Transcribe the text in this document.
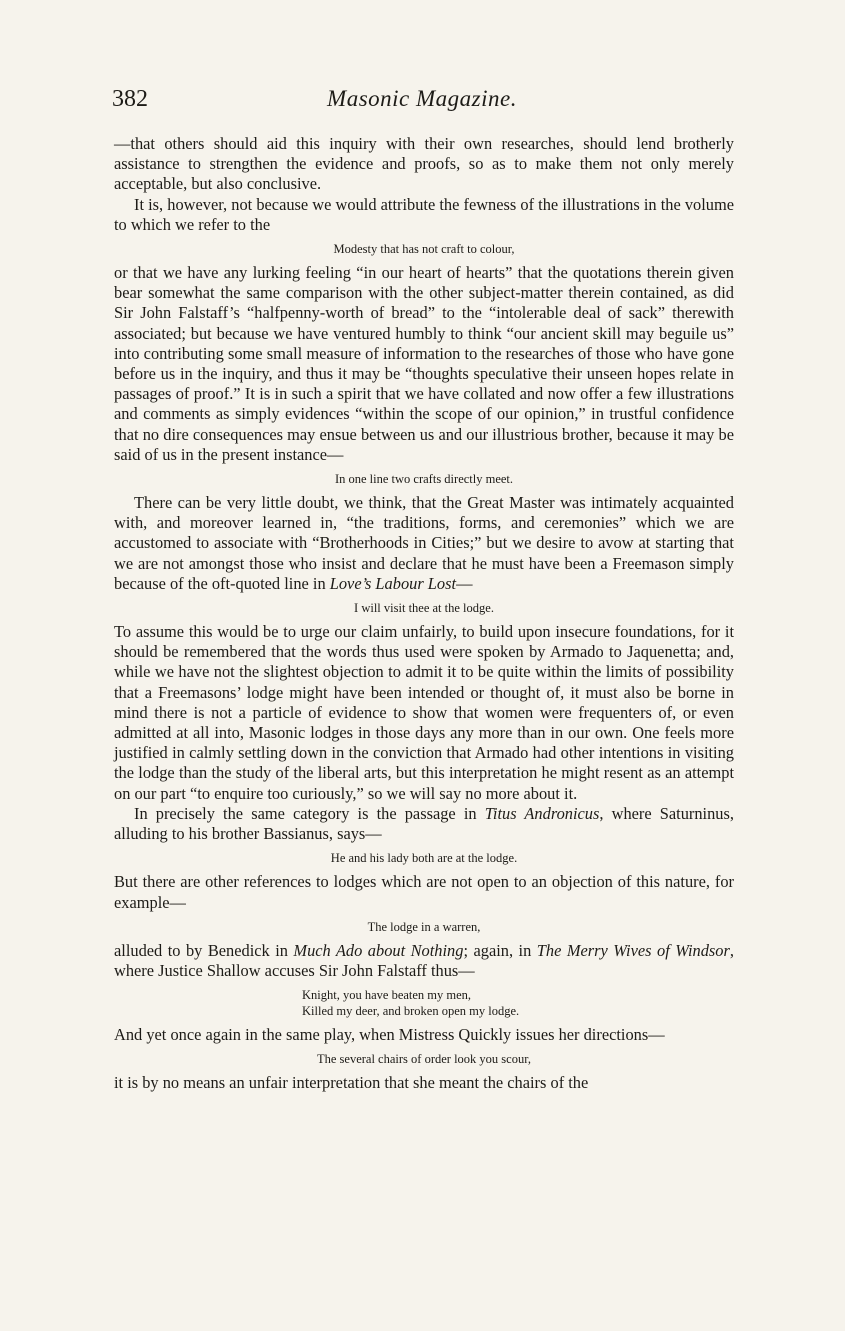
382	Masonic Magazine.

—that others should aid this inquiry with their own researches, should lend brotherly assistance to strengthen the evidence and proofs, so as to make them not only merely acceptable, but also conclusive.

It is, however, not because we would attribute the fewness of the illustrations in the volume to which we refer to the

Modesty that has not craft to colour,

or that we have any lurking feeling “in our heart of hearts” that the quotations therein given bear somewhat the same comparison with the other subject-matter therein contained, as did Sir John Falstaff’s “halfpenny-worth of bread” to the “intolerable deal of sack” therewith associated; but because we have ventured humbly to think “our ancient skill may beguile us” into contributing some small measure of information to the researches of those who have gone before us in the inquiry, and thus it may be “thoughts speculative their unseen hopes relate in passages of proof.” It is in such a spirit that we have collated and now offer a few illustrations and comments as simply evidences “within the scope of our opinion,” in trustful confidence that no dire consequences may ensue between us and our illustrious brother, because it may be said of us in the present instance—

In one line two crafts directly meet.

There can be very little doubt, we think, that the Great Master was intimately acquainted with, and moreover learned in, “the traditions, forms, and ceremonies” which we are accustomed to associate with “Brotherhoods in Cities;” but we desire to avow at starting that we are not amongst those who insist and declare that he must have been a Freemason simply because of the oft-quoted line in Love’s Labour Lost—

I will visit thee at the lodge.

To assume this would be to urge our claim unfairly, to build upon insecure foundations, for it should be remembered that the words thus used were spoken by Armado to Jaquenetta; and, while we have not the slightest objection to admit it to be quite within the limits of possibility that a Freemasons’ lodge might have been intended or thought of, it must also be borne in mind there is not a particle of evidence to show that women were frequenters of, or even admitted at all into, Masonic lodges in those days any more than in our own. One feels more justified in calmly settling down in the conviction that Armado had other intentions in visiting the lodge than the study of the liberal arts, but this interpretation he might resent as an attempt on our part “to enquire too curiously,” so we will say no more about it.

In precisely the same category is the passage in Titus Andronicus, where Saturninus, alluding to his brother Bassianus, says—

He and his lady both are at the lodge.

But there are other references to lodges which are not open to an objection of this nature, for example—

The lodge in a warren,

alluded to by Benedick in Much Ado about Nothing; again, in The Merry Wives of Windsor, where Justice Shallow accuses Sir John Falstaff thus—

Knight, you have beaten my men,
Killed my deer, and broken open my lodge.

And yet once again in the same play, when Mistress Quickly issues her directions—

The several chairs of order look you scour,

it is by no means an unfair interpretation that she meant the chairs of the
